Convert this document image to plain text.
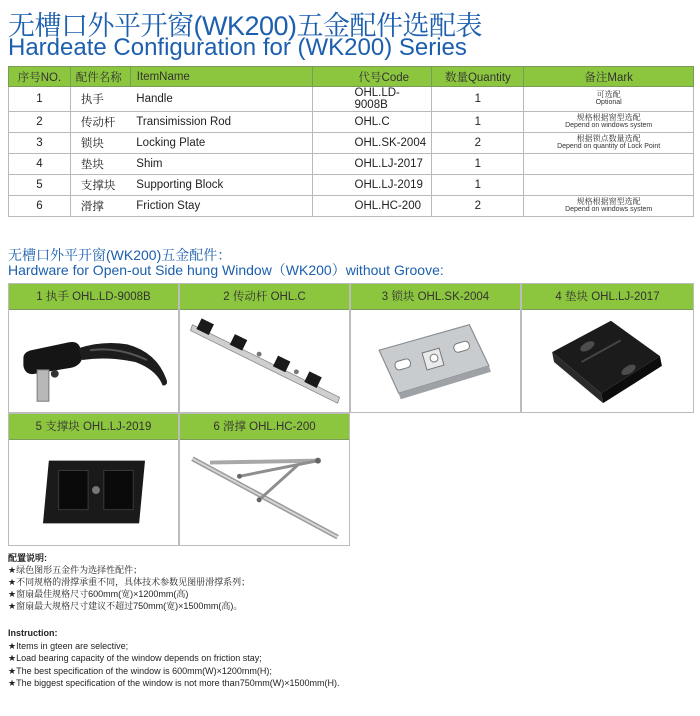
无槽口外平开窗(WK200)五金配件选配表
Hardeate Configuration for (WK200) Series
序号NO.	配件名称	ItemName	代号Code	数量Quantity	备注Mark
1	执手	Handle	OHL.LD-9008B	1	可选配
Optional

2	传动杆	Transimission Rod	OHL.C	1	规格根据窗型选配
Depend on windows system

3	锁块	Locking Plate	OHL.SK-2004	2	根据锁点数量选配
Depend on quantity of Lock Point

4	垫块	Shim	OHL.LJ-2017	1	

5	支撑块	Supporting Block	OHL.LJ-2019	1	

6	滑撑	Friction Stay	OHL.HC-200	2	规格根据窗型选配
Depend on windows system
无槽口外平开窗(WK200)五金配件：
Hardware for Open-out Side hung Window（WK200）without Groove:
1 执手 OHL.LD-9008B	2 传动杆 OHL.C	3 锁块 OHL.SK-2004	4 垫块 OHL.LJ-2017
5 支撑块 OHL.LJ-2019	6 滑撑 OHL.HC-200
配置说明:
★绿色图形五金件为选择性配件；
★不同规格的滑撑承重不同，具体技术参数见图册滑撑系列；
★窗扇最佳规格尺寸600mm(宽)×1200mm(高)
★窗扇最大规格尺寸建议不超过750mm(宽)×1500mm(高)。
Instruction:
★Items in gteen are selective;
★Load bearing capacity of the window depends on friction stay;
★The best specification of the window is 600mm(W)×1200mm(H);
★The biggest specification of the window is not more than750mm(W)×1500mm(H).
